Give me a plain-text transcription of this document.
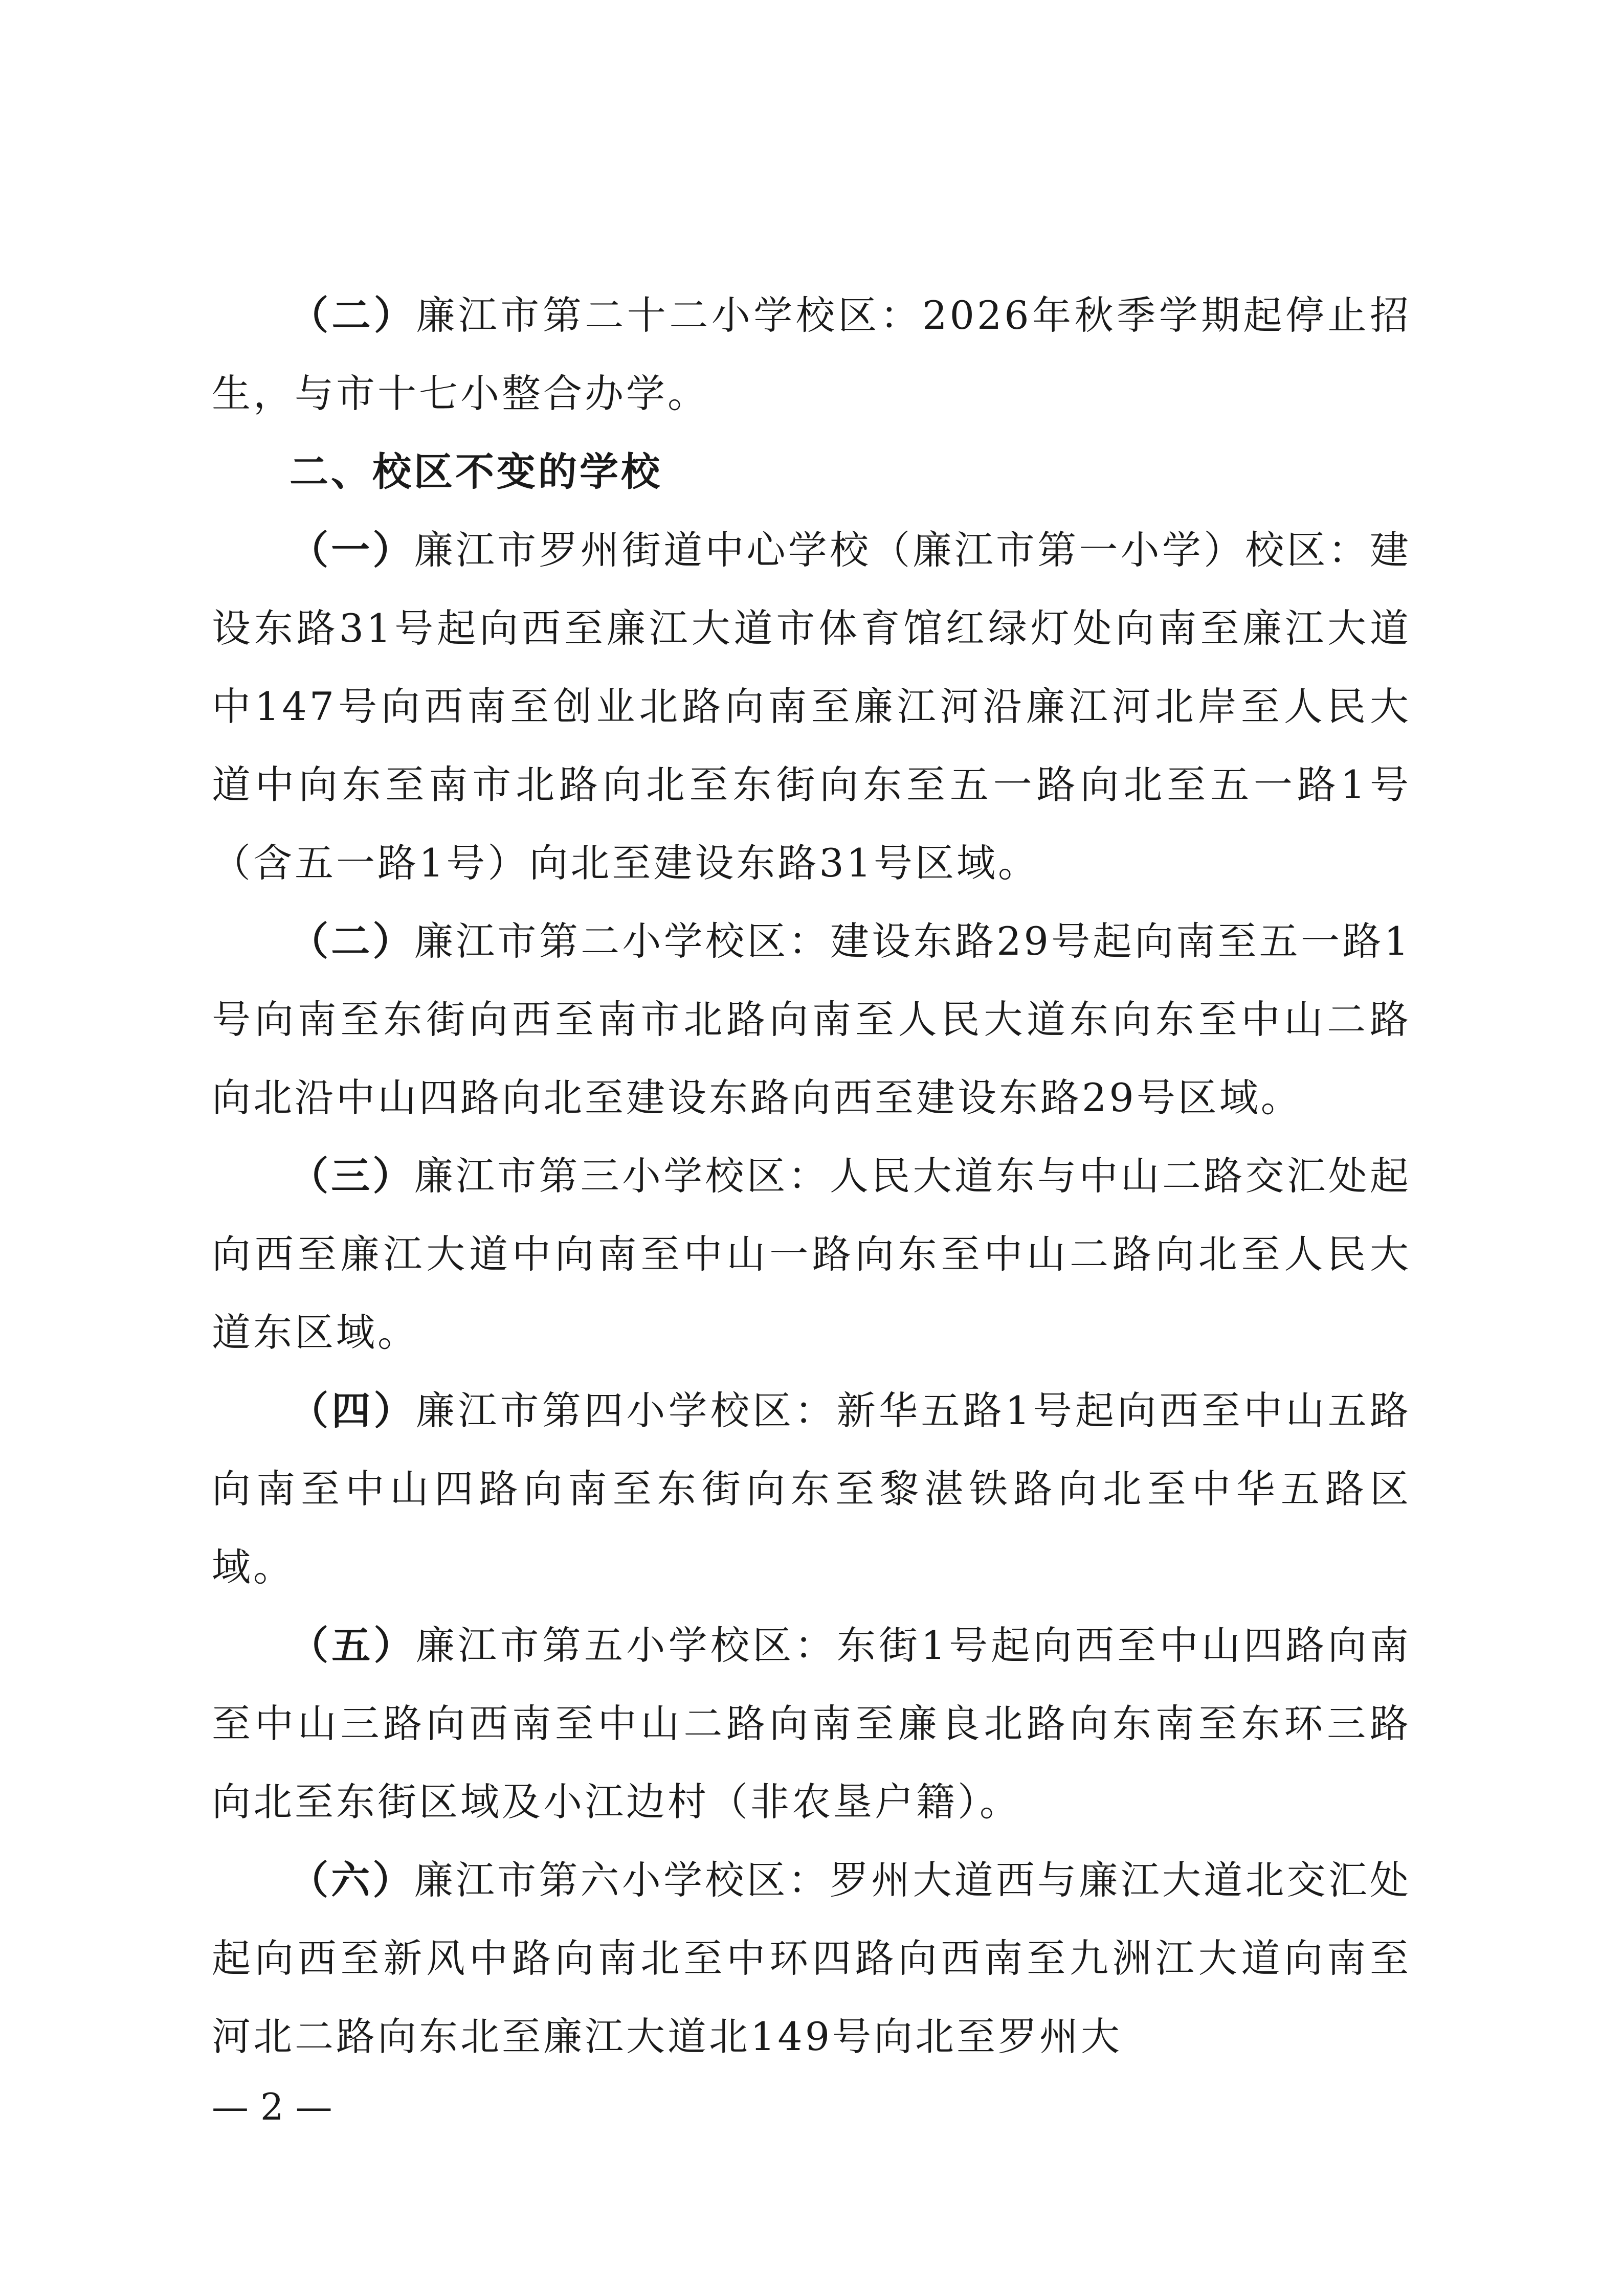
（二）廉江市第二十二小学校区：2026年秋季学期起停止招生，与市十七小整合办学。

二、校区不变的学校

（一）廉江市罗州街道中心学校（廉江市第一小学）校区：建设东路31号起向西至廉江大道市体育馆红绿灯处向南至廉江大道中147号向西南至创业北路向南至廉江河沿廉江河北岸至人民大道中向东至南市北路向北至东街向东至五一路向北至五一路1号（含五一路1号）向北至建设东路31号区域。

（二）廉江市第二小学校区：建设东路29号起向南至五一路1号向南至东街向西至南市北路向南至人民大道东向东至中山二路向北沿中山四路向北至建设东路向西至建设东路29号区域。

（三）廉江市第三小学校区：人民大道东与中山二路交汇处起向西至廉江大道中向南至中山一路向东至中山二路向北至人民大道东区域。

（四）廉江市第四小学校区：新华五路1号起向西至中山五路向南至中山四路向南至东街向东至黎湛铁路向北至中华五路区域。

（五）廉江市第五小学校区：东街1号起向西至中山四路向南至中山三路向西南至中山二路向南至廉良北路向东南至东环三路向北至东街区域及小江边村（非农垦户籍）。

（六）廉江市第六小学校区：罗州大道西与廉江大道北交汇处起向西至新风中路向南北至中环四路向西南至九洲江大道向南至河北二路向东北至廉江大道北149号向北至罗州大

— 2 —
